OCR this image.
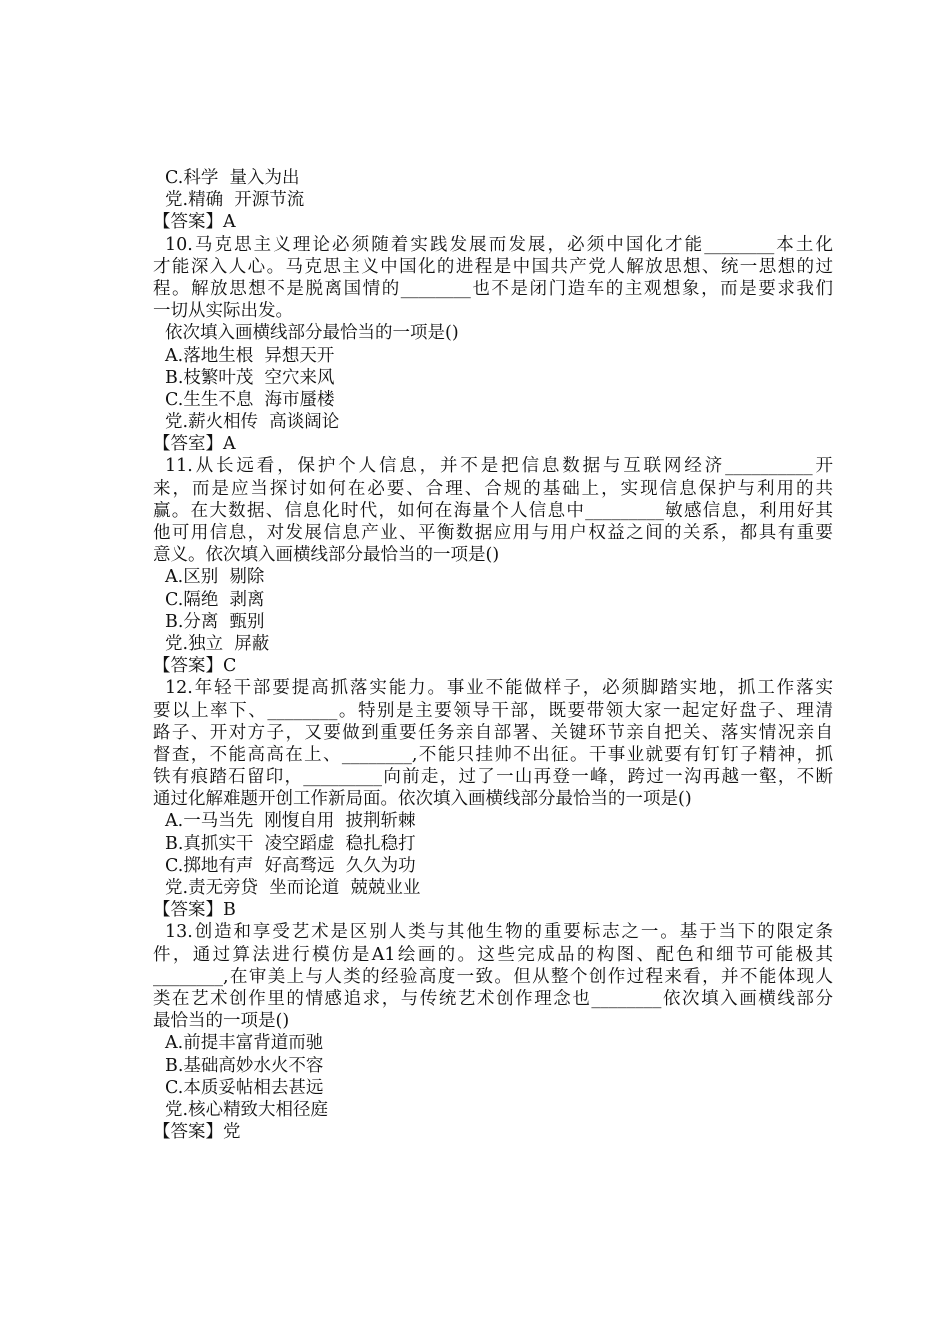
C.科学  量入为出
党.精确  开源节流
【答案】A
10.马克思主义理论必须随着实践发展而发展，必须中国化才能________本土化
才能深入人心。马克思主义中国化的进程是中国共产党人解放思想、统一思想的过
程。解放思想不是脱离国情的________也不是闭门造车的主观想象，而是要求我们
一切从实际出发。
依次填入画横线部分最恰当的一项是()
A.落地生根  异想天开
B.枝繁叶茂  空穴来风
C.生生不息  海市蜃楼
党.薪火相传  高谈阔论
【答室】A
11.从长远看，保护个人信息，并不是把信息数据与互联网经济__________开
来，而是应当探讨如何在必要、合理、合规的基础上，实现信息保护与利用的共
赢。在大数据、信息化时代，如何在海量个人信息中_________敏感信息，利用好其
他可用信息，对发展信息产业、平衡数据应用与用户权益之间的关系，都具有重要
意义。依次填入画横线部分最恰当的一项是()
A.区别  剔除
C.隔绝  剥离
B.分离  甄别
党.独立  屏蔽
【答案】C
12.年轻干部要提高抓落实能力。事业不能做样子，必须脚踏实地，抓工作落实
要以上率下、________。特别是主要领导干部，既要带领大家一起定好盘子、理清
路子、开对方子，又要做到重要任务亲自部署、关键环节亲自把关、落实情况亲自
督查，不能高高在上、________,不能只挂帅不出征。干事业就要有钉钉子精神，抓
铁有痕踏石留印，_________向前走，过了一山再登一峰，跨过一沟再越一壑，不断
通过化解难题开创工作新局面。依次填入画横线部分最恰当的一项是()
A.一马当先  刚愎自用  披荆斩棘
B.真抓实干  凌空蹈虚  稳扎稳打
C.掷地有声  好高骛远  久久为功
党.责无旁贷  坐而论道  兢兢业业
【答案】B
13.创造和享受艺术是区别人类与其他生物的重要标志之一。基于当下的限定条
件，通过算法进行模仿是A1绘画的。这些完成品的构图、配色和细节可能极其
________,在审美上与人类的经验高度一致。但从整个创作过程来看，并不能体现人
类在艺术创作里的情感追求，与传统艺术创作理念也________依次填入画横线部分
最恰当的一项是()
A.前提丰富背道而驰
B.基础高妙水火不容
C.本质妥帖相去甚远
党.核心精致大相径庭
【答案】党
